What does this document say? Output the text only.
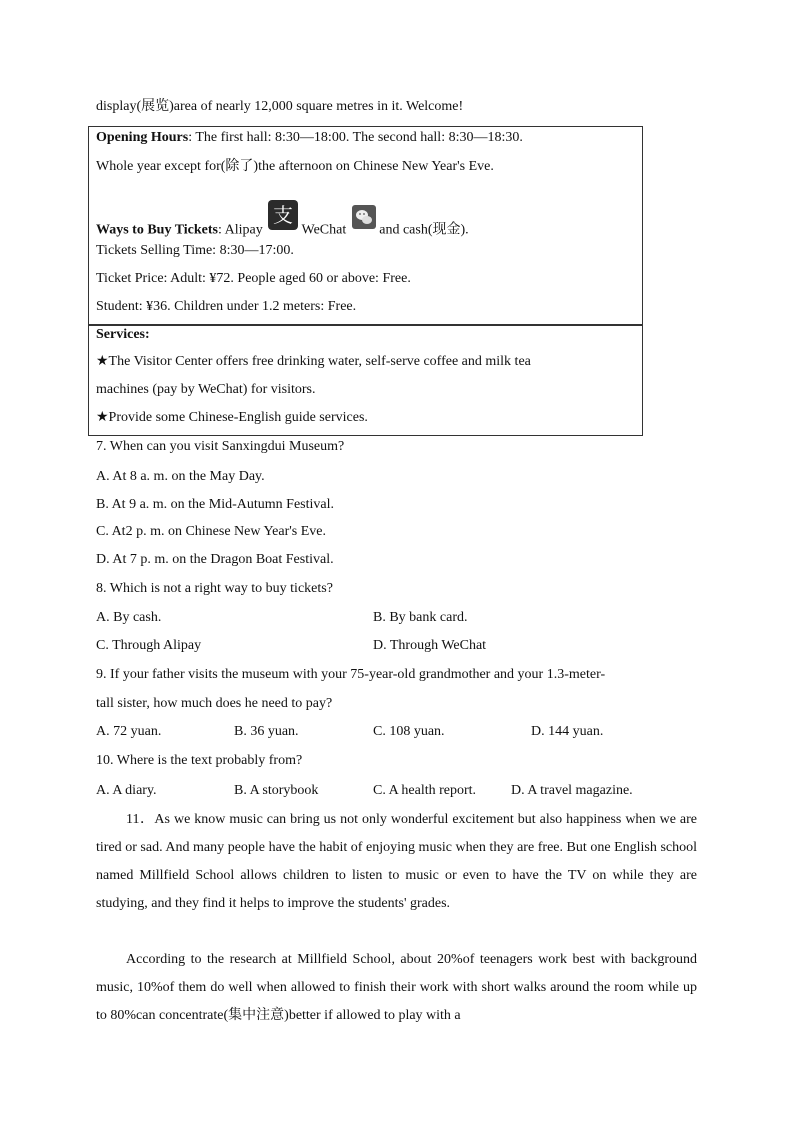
display(展览)area of nearly 12,000 square metres in it. Welcome!
Opening Hours: The first hall: 8:30—18:00. The second hall: 8:30—18:30.
Whole year except for(除了)the afternoon on Chinese New Year's Eve.
Ways to Buy Tickets: Alipay
支
WeChat and cash(现金).
Tickets Selling Time: 8:30—17:00.
Ticket Price: Adult: ¥72. People aged 60 or above: Free.
Student: ¥36. Children under 1.2 meters: Free.
Services:
★The Visitor Center offers free drinking water, self-serve coffee and milk tea
machines (pay by WeChat) for visitors.
★Provide some Chinese-English guide services.
7. When can you visit Sanxingdui Museum?
A. At 8 a. m. on the May Day.
B. At 9 a. m. on the Mid-Autumn Festival.
C. At2 p. m. on Chinese New Year's Eve.
D. At 7 p. m. on the Dragon Boat Festival.
8. Which is not a right way to buy tickets?
A. By cash.	B. By bank card.
C. Through Alipay	D. Through WeChat
9. If your father visits the museum with your 75-year-old grandmother and your 1.3-meter-
tall sister, how much does he need to pay?
A. 72 yuan.	B. 36 yuan.	C. 108 yuan.	D. 144 yuan.
10. Where is the text probably from?
A. A diary.	B. A storybook	C. A health report. D. A travel magazine.
11．As we know music can bring us not only wonderful excitement but also happiness when we are tired or sad. And many people have the habit of enjoying music when they are free. But one English school named Millfield School allows children to listen to music or even to have the TV on while they are studying, and they find it helps to improve the students' grades.
According to the research at Millfield School, about 20%of teenagers work best with background music, 10%of them do well when allowed to finish their work with short walks around the room while up to 80%can concentrate(集中注意)better if allowed to play with a
